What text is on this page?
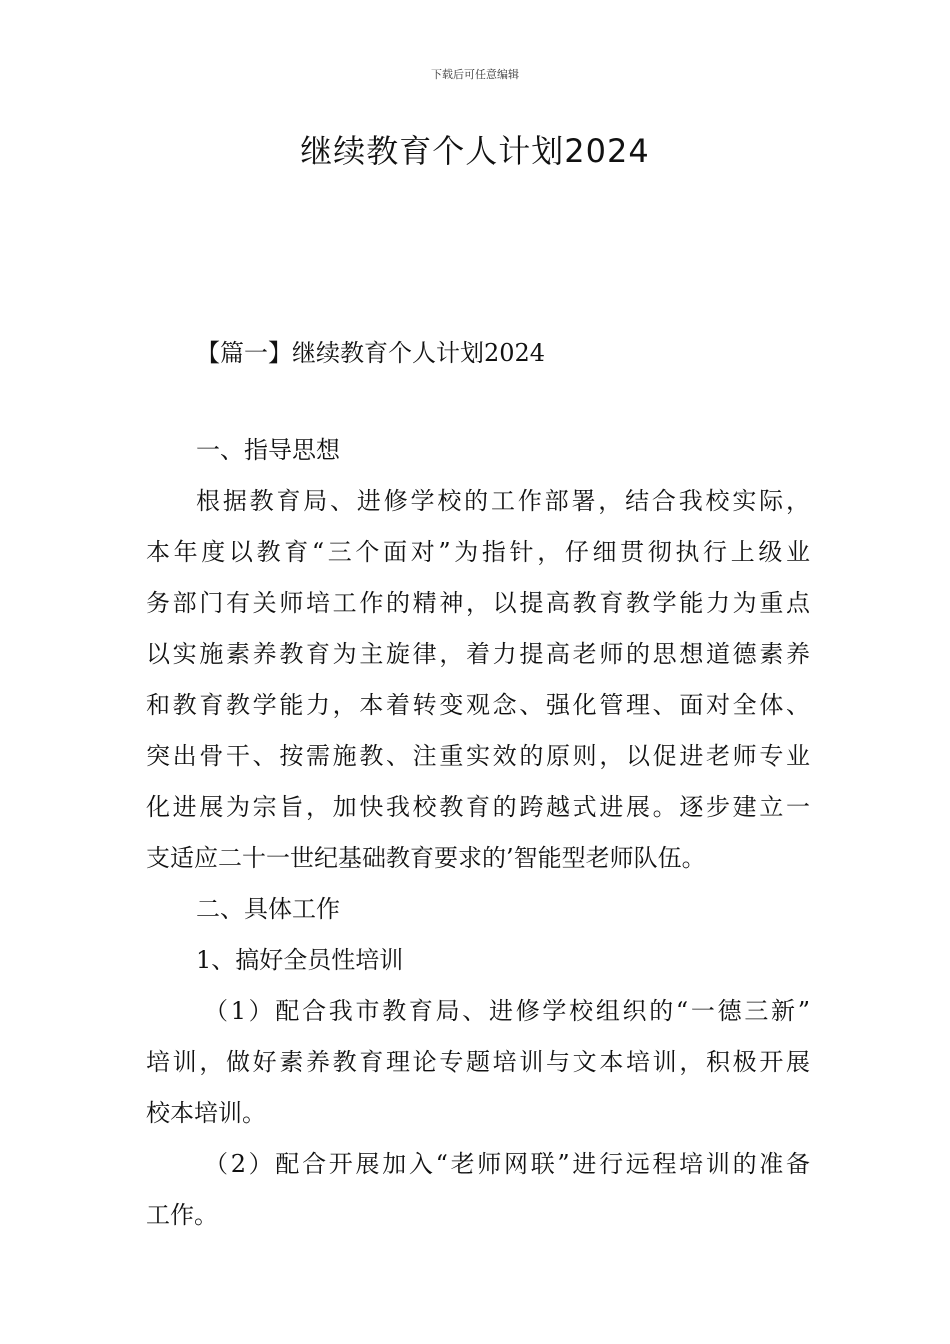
下载后可任意编辑
继续教育个人计划2024
【篇一】继续教育个人计划2024
一、指导思想
根据教育局、进修学校的工作部署，结合我校实际，
本年度以教育“三个面对”为指针，仔细贯彻执行上级业
务部门有关师培工作的精神，以提高教育教学能力为重点
以实施素养教育为主旋律，着力提高老师的思想道德素养
和教育教学能力，本着转变观念、强化管理、面对全体、
突出骨干、按需施教、注重实效的原则，以促进老师专业
化进展为宗旨，加快我校教育的跨越式进展。逐步建立一
支适应二十一世纪基础教育要求的’智能型老师队伍。
二、具体工作
1、搞好全员性培训
（1）配合我市教育局、进修学校组织的“一德三新”
培训，做好素养教育理论专题培训与文本培训，积极开展
校本培训。
（2）配合开展加入“老师网联”进行远程培训的准备
工作。
